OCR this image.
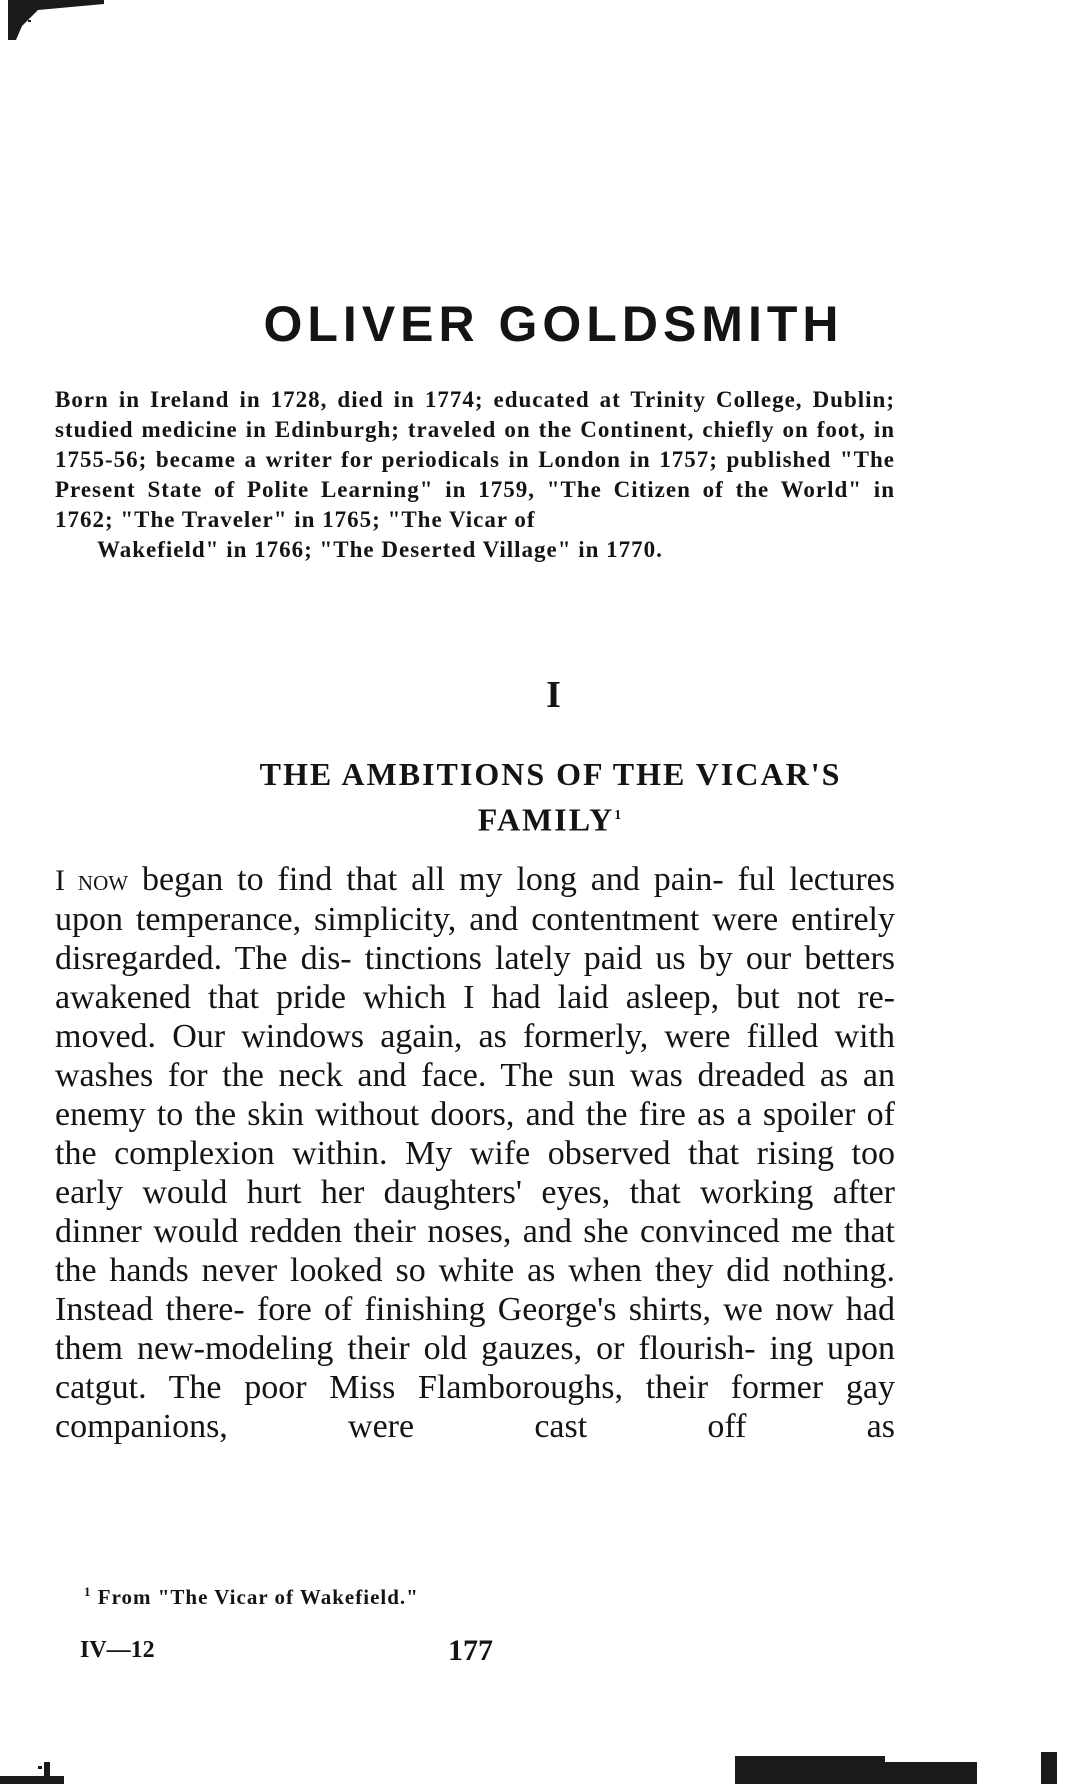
OLIVER GOLDSMITH
Born in Ireland in 1728, died in 1774; educated at Trinity College, Dublin; studied medicine in Edinburgh; traveled on the Continent, chiefly on foot, in 1755-56; became a writer for periodicals in London in 1757; published "The Present State of Polite Learning" in 1759, "The Citizen of the World" in 1762; "The Traveler" in 1765; "The Vicar of
Wakefield" in 1766; "The Deserted Village" in 1770.
I
THE AMBITIONS OF THE VICAR'S
FAMILY$^1$
I now began to find that all my long and pain- ful lectures upon temperance, simplicity, and contentment were entirely disregarded. The dis- tinctions lately paid us by our betters awakened that pride which I had laid asleep, but not re- moved. Our windows again, as formerly, were filled with washes for the neck and face. The sun was dreaded as an enemy to the skin without doors, and the fire as a spoiler of the complexion within. My wife observed that rising too early would hurt her daughters' eyes, that working after dinner would redden their noses, and she convinced me that the hands never looked so white as when they did nothing. Instead there- fore of finishing George's shirts, we now had them new-modeling their old gauzes, or flourish- ing upon catgut. The poor Miss Flamboroughs, their former gay companions, were cast off as

$^1$ From "The Vicar of Wakefield."

IV—12	177
